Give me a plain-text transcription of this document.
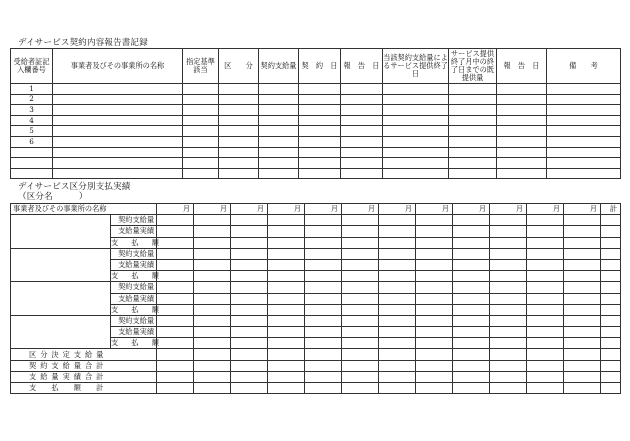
デイサービス契約内容報告書記録
受給者証記入欄番号	事業者及びその事業所の名称	指定基準該当	区　　分	契約支給量	契　約　日	報　告　日	当該契約支給量によるサービス提供終了日	サービス提供終了月中の終了日までの既提供量	報　告　日	備　　考
1										
2										
3										
4										
5										
6										

デイサービス区分別支払実績
（区分名　　　）
事業者及びその事業所の名称		月	月	月	月	月	月	月	月	月	月	月	月	計
	契約支給量													
	支給量実績													
	支　払　額													
	契約支給量													
	支給量実績													
	支　払　額													
	契約支給量													
	支給量実績													
	支　払　額													
	契約支給量													
	支給量実績													
	支　払　額													
区分決定支給量														
契約支給量合計														
支給量実績合計														
支　払　額　計														
